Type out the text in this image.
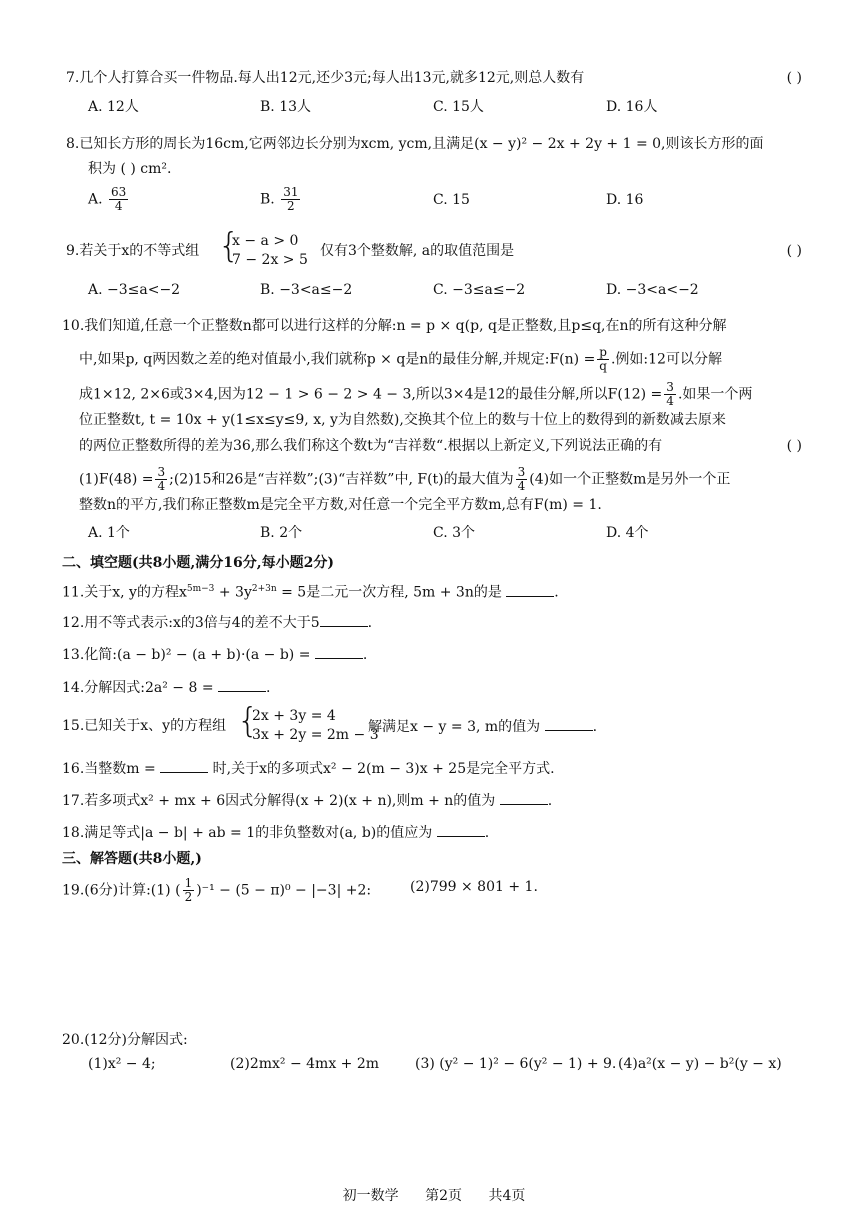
7.几个人打算合买一件物品.每人出12元,还少3元;每人出13元,就多12元,则总人数有	( )
A. 12人	B. 13人	C. 15人	D. 16人
8.已知长方形的周长为16cm,它两邻边长分别为xcm, ycm,且满足(x − y)² − 2x + 2y + 1 = 0,则该长方形的面
积为 ( ) cm².
A. $\frac{63}{4}$	B. $\frac{31}{2}$	C. 15	D. 16
9.若关于x的不等式组 {
x − a > 0
7 − 2x > 5
仅有3个整数解, a的取值范围是	( )
A. −3≤a<−2	B. −3<a≤−2	C. −3≤a≤−2	D. −3<a<−2
10.我们知道,任意一个正整数n都可以进行这样的分解:n = p × q(p, q是正整数,且p≤q,在n的所有这种分解
中,如果p, q两因数之差的绝对值最小,我们就称p × q是n的最佳分解,并规定:F(n) = $\frac{p}{q}$ .例如:12可以分解
成1×12, 2×6或3×4,因为12 − 1 > 6 − 2 > 4 − 3,所以3×4是12的最佳分解,所以$F(12) = \frac{3}{4}$ .如果一个两
位正整数t, t = 10x + y(1≤x≤y≤9, x, y为自然数),交换其个位上的数与十位上的数得到的新数减去原来
的两位正整数所得的差为36,那么我们称这个数t为“吉祥数“.根据以上新定义,下列说法正确的有	( )
$(1)F(48) = \frac{3}{4}$ ;(2)15和26是“吉祥数”;(3)“吉祥数”中, F(t)的最大值为 $\frac{3}{4} (4)$如一个正整数m是另外一个正
整数n的平方,我们称正整数m是完全平方数,对任意一个完全平方数m,总有F(m) = 1.
A. 1个	B. 2个	C. 3个	D. 4个
二、填空题(共8小题,满分16分,每小题2分)
11.关于x, y的方程$x^{5m-3} + 3y^{2+3n} = 5$是二元一次方程, 5m + 3n的是	.
12.用不等式表示:x的3倍与4的差不大于5	.
13.化简:(a − b)² − (a + b)·(a − b) =	.
14.分解因式:2a² − 8 =	.
15.已知关于x、y的方程组 {
2x + 3y = 4
3x + 2y = 2m − 3
解满足x − y = 3, m的值为	.
16.当整数m =	时,关于x的多项式x² − 2(m − 3)x + 25是完全平方式.
17.若多项式x² + mx + 6因式分解得(x + 2)(x + n),则m + n的值为	.
18.满足等式|a − b| + ab = 1的非负整数对(a, b)的值应为	.
三、解答题(共8小题,)
19.(6分)计算:(1) ( $\frac{1}{2} )^{-1} - (5 - \pi)^0 - |-3| +2$:	(2)799 × 801 + 1.
20.(12分)分解因式:
(1)x² − 4;	(2)2mx² − 4mx + 2m	(3) (y² − 1)² − 6(y² − 1) + 9. (4)a²(x − y) − b²(y − x)
初一数学 第2页 共4页
